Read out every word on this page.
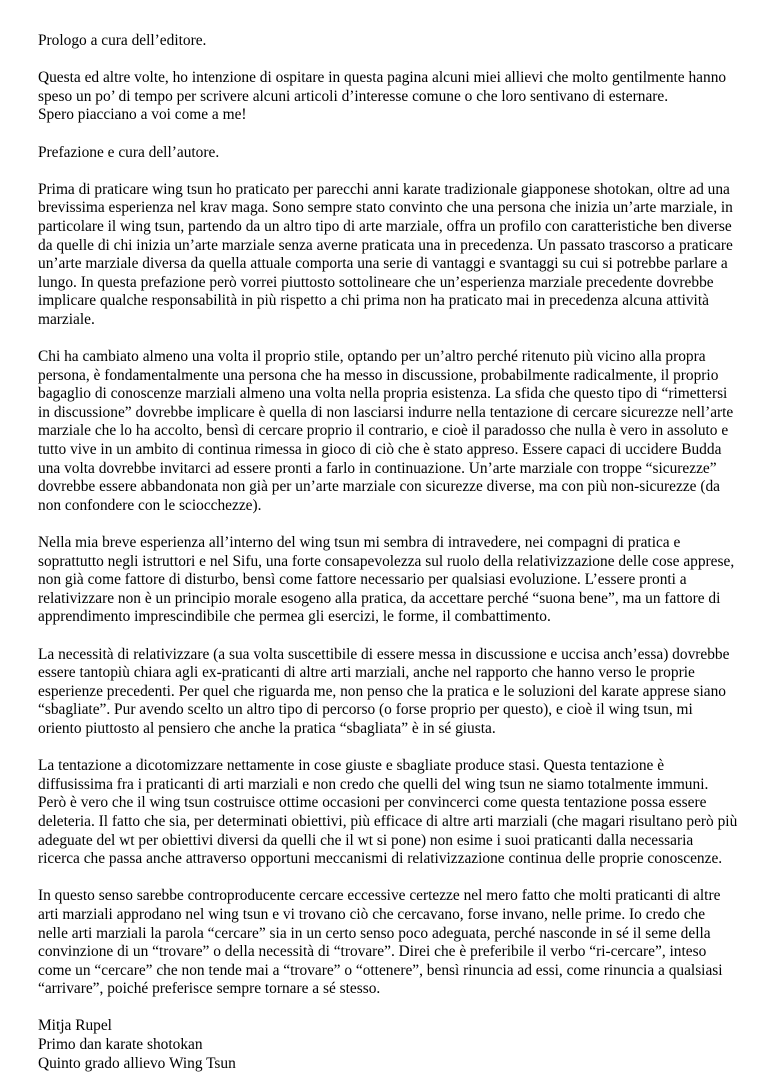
Prologo a cura dell’editore.

Questa ed altre volte, ho intenzione di ospitare in questa pagina alcuni miei allievi che molto gentilmente hanno speso un po’ di tempo per scrivere alcuni articoli d’interesse comune o che loro sentivano di esternare.
Spero piacciano a voi come a me!

Prefazione e cura dell’autore.

Prima di praticare wing tsun ho praticato per parecchi anni karate tradizionale giapponese shotokan, oltre ad una brevissima esperienza nel krav maga. Sono sempre stato convinto che una persona che inizia un’arte marziale, in particolare il wing tsun, partendo da un altro tipo di arte marziale, offra un profilo con caratteristiche ben diverse da quelle di chi inizia un’arte marziale senza averne praticata una in precedenza. Un passato trascorso a praticare un’arte marziale diversa da quella attuale comporta una serie di vantaggi e svantaggi su cui si potrebbe parlare a lungo. In questa prefazione però vorrei piuttosto sottolineare che un’esperienza marziale precedente dovrebbe implicare qualche responsabilità in più rispetto a chi prima non ha praticato mai in precedenza alcuna attività marziale.

Chi ha cambiato almeno una volta il proprio stile, optando per un’altro perché ritenuto più vicino alla propra persona, è fondamentalmente una persona che ha messo in discussione, probabilmente radicalmente, il proprio bagaglio di conoscenze marziali almeno una volta nella propria esistenza. La sfida che questo tipo di “rimettersi in discussione” dovrebbe implicare è quella di non lasciarsi indurre nella tentazione di cercare sicurezze nell’arte marziale che lo ha accolto, bensì di cercare proprio il contrario, e cioè il paradosso che nulla è vero in assoluto e tutto vive in un ambito di continua rimessa in gioco di ciò che è stato appreso. Essere capaci di uccidere Budda una volta dovrebbe invitarci ad essere pronti a farlo in continuazione. Un’arte marziale con troppe “sicurezze” dovrebbe essere abbandonata non già per un’arte marziale con sicurezze diverse, ma con più non-sicurezze (da non confondere con le sciocchezze).

Nella mia breve esperienza all’interno del wing tsun mi sembra di intravedere, nei compagni di pratica e soprattutto negli istruttori e nel Sifu, una forte consapevolezza sul ruolo della relativizzazione delle cose apprese, non già come fattore di disturbo, bensì come fattore necessario per qualsiasi evoluzione. L’essere pronti a relativizzare non è un principio morale esogeno alla pratica, da accettare perché “suona bene”, ma un fattore di apprendimento imprescindibile che permea gli esercizi, le forme, il combattimento.

La necessità di relativizzare (a sua volta suscettibile di essere messa in discussione e uccisa anch’essa) dovrebbe essere tantopiù chiara agli ex-praticanti di altre arti marziali, anche nel rapporto che hanno verso le proprie esperienze precedenti. Per quel che riguarda me, non penso che la pratica e le soluzioni del karate apprese siano “sbagliate”. Pur avendo scelto un altro tipo di percorso (o forse proprio per questo), e cioè il wing tsun, mi oriento piuttosto al pensiero che anche la pratica “sbagliata” è in sé giusta.

La tentazione a dicotomizzare nettamente in cose giuste e sbagliate produce stasi. Questa tentazione è diffusissima fra i praticanti di arti marziali e non credo che quelli del wing tsun ne siamo totalmente immuni. Però è vero che il wing tsun costruisce ottime occasioni per convincerci come questa tentazione possa essere deleteria. Il fatto che sia, per determinati obiettivi, più efficace di altre arti marziali (che magari risultano però più adeguate del wt per obiettivi diversi da quelli che il wt si pone) non esime i suoi praticanti dalla necessaria ricerca che passa anche attraverso opportuni meccanismi di relativizzazione continua delle proprie conoscenze.

In questo senso sarebbe controproducente cercare eccessive certezze nel mero fatto che molti praticanti di altre arti marziali approdano nel wing tsun e vi trovano ciò che cercavano, forse invano, nelle prime. Io credo che nelle arti marziali la parola “cercare” sia in un certo senso poco adeguata, perché nasconde in sé il seme della convinzione di un “trovare” o della necessità di “trovare”. Direi che è preferibile il verbo “ri-cercare”, inteso come un “cercare” che non tende mai a “trovare” o “ottenere”, bensì rinuncia ad essi, come rinuncia a qualsiasi “arrivare”, poiché preferisce sempre tornare a sé stesso.

Mitja Rupel
Primo dan karate shotokan
Quinto grado allievo Wing Tsun
